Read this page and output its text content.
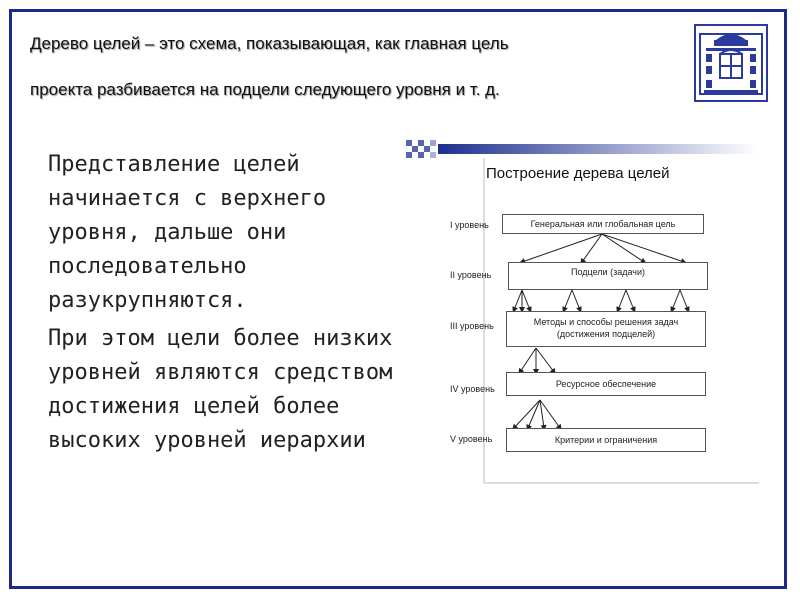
Дерево целей – это схема, показывающая, как главная цель
проекта разбивается на подцели следующего уровня и т. д.
Представление целей начинается с верхнего уровня, дальше они последовательно разукрупняются.
При этом цели более низких уровней являются средством достижения целей более высоких уровней иерархии
Построение дерева целей
I уровень	Генеральная или глобальная цель
II уровень	Подцели (задачи)
III уровень	Методы и способы решения задач
(достижения подцелей)
IV уровень	Ресурсное обеспечение
V уровень	Критерии и ограничения
